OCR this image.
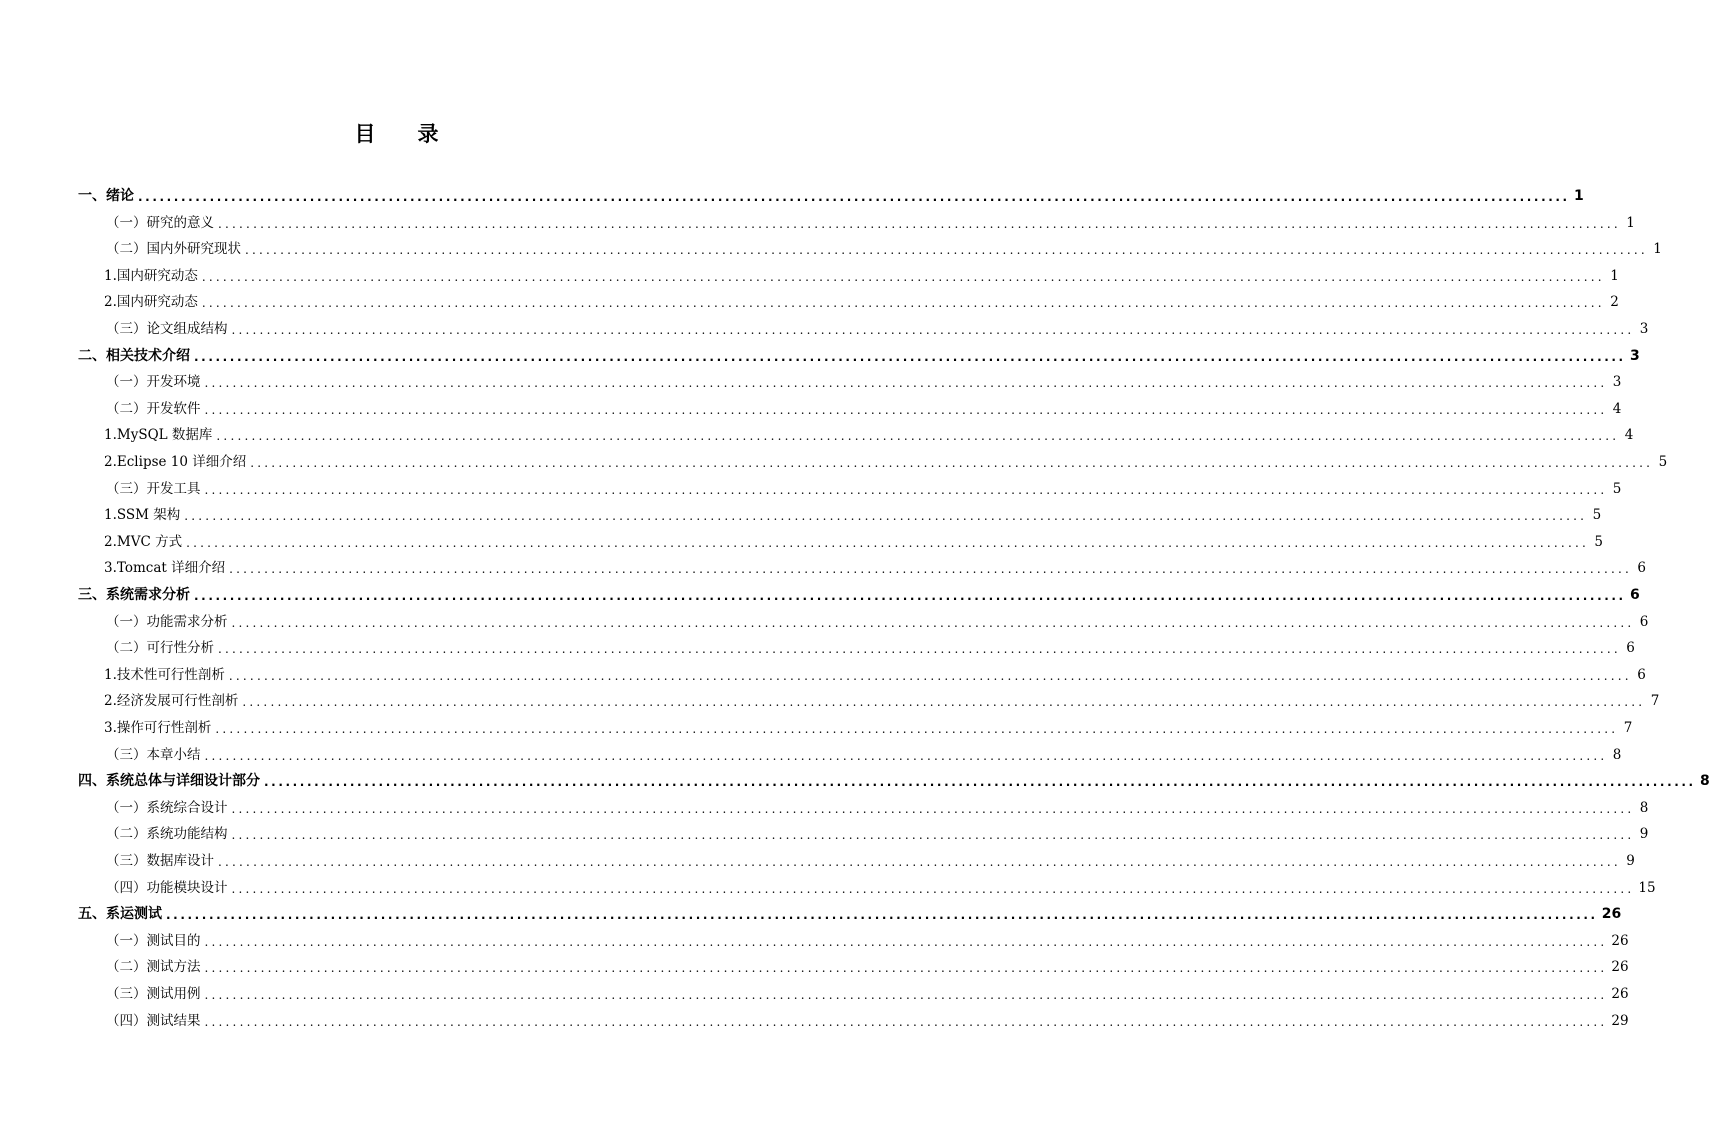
目　　录
一、 绪论 ........................................................................................................................................................................................................ 1
（一） 研究的意义 ........................................................................................................................................................................................................ 1
（二） 国内外研究现状 ........................................................................................................................................................................................................ 1
1. 国内研究动态 ........................................................................................................................................................................................................ 1
2. 国内研究动态 ........................................................................................................................................................................................................ 2
（三） 论文组成结构 ........................................................................................................................................................................................................ 3
二、 相关技术介绍 ........................................................................................................................................................................................................ 3
（一） 开发环境 ........................................................................................................................................................................................................ 3
（二） 开发软件 ........................................................................................................................................................................................................ 4
1. MySQL 数据库 ........................................................................................................................................................................................................ 4
2. Eclipse 10 详细介绍 ........................................................................................................................................................................................................ 5
（三） 开发工具 ........................................................................................................................................................................................................ 5
1. SSM 架构 ........................................................................................................................................................................................................ 5
2. MVC 方式 ........................................................................................................................................................................................................ 5
3. Tomcat 详细介绍 ........................................................................................................................................................................................................ 6
三、 系统需求分析 ........................................................................................................................................................................................................ 6
（一） 功能需求分析 ........................................................................................................................................................................................................ 6
（二） 可行性分析 ........................................................................................................................................................................................................ 6
1. 技术性可行性剖析 ........................................................................................................................................................................................................ 6
2. 经济发展可行性剖析 ........................................................................................................................................................................................................ 7
3. 操作可行性剖析 ........................................................................................................................................................................................................ 7
（三） 本章小结 ........................................................................................................................................................................................................ 8
四、 系统总体与详细设计部分 ........................................................................................................................................................................................................ 8
（一） 系统综合设计 ........................................................................................................................................................................................................ 8
（二） 系统功能结构 ........................................................................................................................................................................................................ 9
（三） 数据库设计 ........................................................................................................................................................................................................ 9
（四） 功能模块设计 ........................................................................................................................................................................................................ 15
五、 系运测试 ........................................................................................................................................................................................................ 26
（一） 测试目的 ........................................................................................................................................................................................................ 26
（二） 测试方法 ........................................................................................................................................................................................................ 26
（三） 测试用例 ........................................................................................................................................................................................................ 26
（四） 测试结果 ........................................................................................................................................................................................................ 29
